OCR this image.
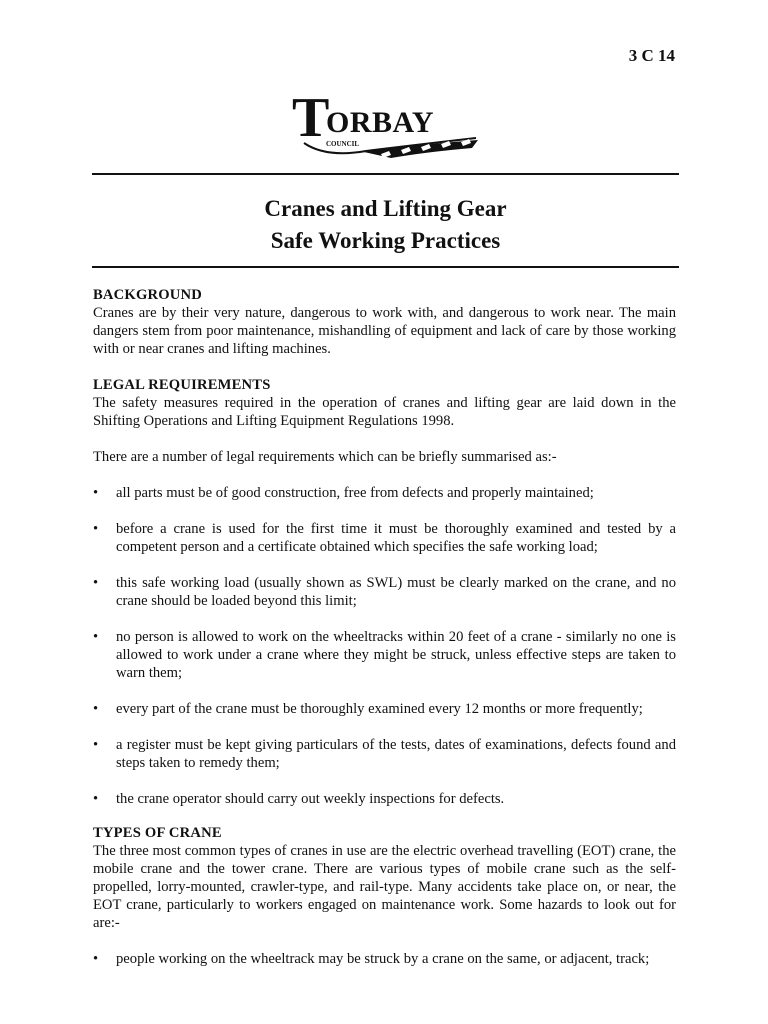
3 C 14
T
ORBAY
COUNCIL
Cranes and Lifting Gear
Safe Working Practices

BACKGROUND

Cranes are by their very nature, dangerous to work with, and dangerous to work near. The main dangers stem from poor maintenance, mishandling of equipment and lack of care by those working with or near cranes and lifting machines.

LEGAL REQUIREMENTS

The safety measures required in the operation of cranes and lifting gear are laid down in the Shifting Operations and Lifting Equipment Regulations 1998.

There are a number of legal requirements which can be briefly summarised as:-

• all parts must be of good construction, free from defects and properly maintained;
• before a crane is used for the first time it must be thoroughly examined and tested by a competent person and a certificate obtained which specifies the safe working load;
• this safe working load (usually shown as SWL) must be clearly marked on the crane, and no crane should be loaded beyond this limit;
• no person is allowed to work on the wheeltracks within 20 feet of a crane - similarly no one is allowed to work under a crane where they might be struck, unless effective steps are taken to warn them;
• every part of the crane must be thoroughly examined every 12 months or more frequently;
• a register must be kept giving particulars of the tests, dates of examinations, defects found and steps taken to remedy them;
• the crane operator should carry out weekly inspections for defects.

TYPES OF CRANE

The three most common types of cranes in use are the electric overhead travelling (EOT) crane, the mobile crane and the tower crane. There are various types of mobile crane such as the self-propelled, lorry-mounted, crawler-type, and rail-type. Many accidents take place on, or near, the EOT crane, particularly to workers engaged on maintenance work. Some hazards to look out for are:-

• people working on the wheeltrack may be struck by a crane on the same, or adjacent, track;
